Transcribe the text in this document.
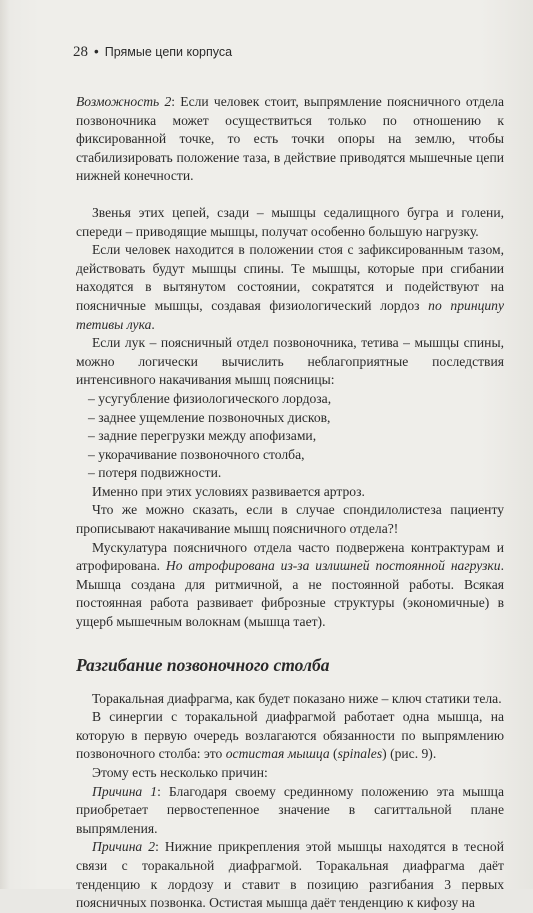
28 • Прямые цепи корпуса

Возможность 2: Если человек стоит, выпрямление поясничного отдела позвоночника может осуществиться только по отношению к фиксированной точке, то есть точки опоры на землю, чтобы стабилизировать положение таза, в действие приводятся мышечные цепи нижней конечности.

Звенья этих цепей, сзади – мышцы седалищного бугра и голени, спереди – приводящие мышцы, получат особенно большую нагрузку.

Если человек находится в положении стоя с зафиксированным тазом, действовать будут мышцы спины. Те мышцы, которые при сгибании находятся в вытянутом состоянии, сократятся и подействуют на поясничные мышцы, создавая физиологический лордоз по принципу тетивы лука.

Если лук – поясничный отдел позвоночника, тетива – мышцы спины, можно логически вычислить неблагоприятные последствия интенсивного накачивания мышц поясницы:

– усугубление физиологического лордоза,

– заднее ущемление позвоночных дисков,

– задние перегрузки между апофизами,

– укорачивание позвоночного столба,

– потеря подвижности.

Именно при этих условиях развивается артроз.

Что же можно сказать, если в случае спондилолистеза пациенту прописывают накачивание мышц поясничного отдела?!

Мускулатура поясничного отдела часто подвержена контрактурам и атрофирована. Но атрофирована из-за излишней постоянной нагрузки. Мышца создана для ритмичной, а не постоянной работы. Всякая постоянная работа развивает фиброзные структуры (экономичные) в ущерб мышечным волокнам (мышца тает).

Разгибание позвоночного столба

Торакальная диафрагма, как будет показано ниже – ключ статики тела.

В синергии с торакальной диафрагмой работает одна мышца, на которую в первую очередь возлагаются обязанности по выпрямлению позвоночного столба: это остистая мышца (spinales) (рис. 9).

Этому есть несколько причин:

Причина 1: Благодаря своему срединному положению эта мышца приобретает первостепенное значение в сагиттальной плане выпрямления.

Причина 2: Нижние прикрепления этой мышцы находятся в тесной связи с торакальной диафрагмой. Торакальная диафрагма даёт тенденцию к лордозу и ставит в позицию разгибания 3 первых поясничных позвонка. Остистая мышца даёт тенденцию к кифозу на
